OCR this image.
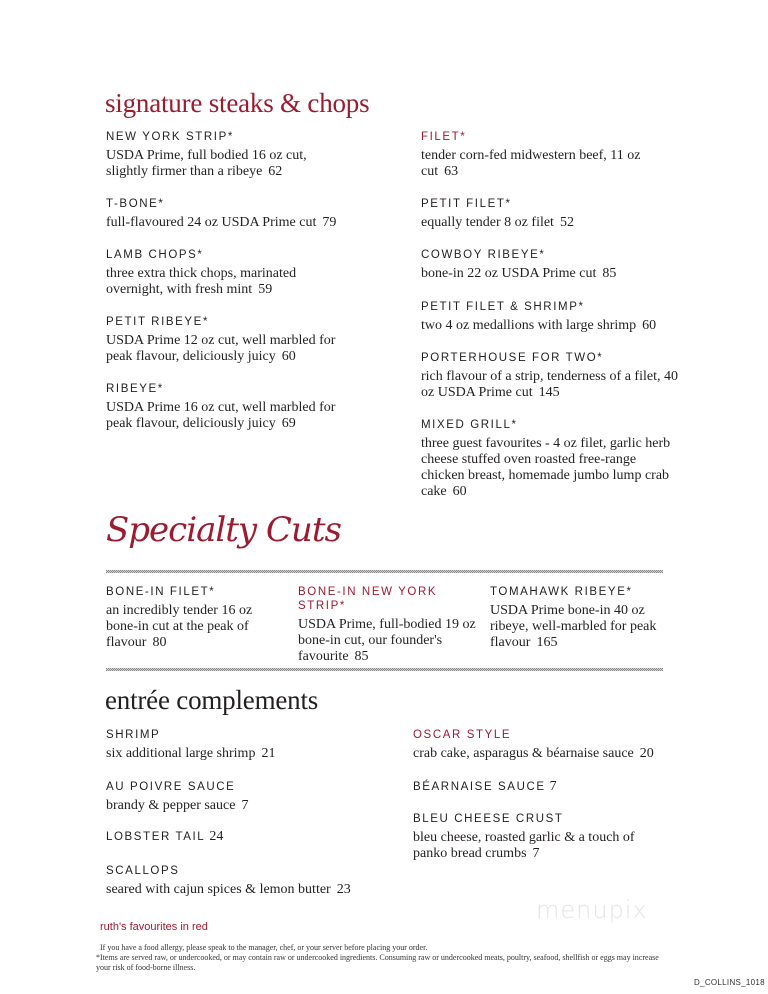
signature steaks & chops
NEW YORK STRIP*
USDA Prime, full bodied 16 oz cut, slightly firmer than a ribeye 62
T-BONE*
full-flavoured 24 oz USDA Prime cut 79
LAMB CHOPS*
three extra thick chops, marinated overnight, with fresh mint 59
PETIT RIBEYE*
USDA Prime 12 oz cut, well marbled for peak flavour, deliciously juicy 60
RIBEYE*
USDA Prime 16 oz cut, well marbled for peak flavour, deliciously juicy 69
FILET*
tender corn-fed midwestern beef, 11 oz cut 63
PETIT FILET*
equally tender 8 oz filet 52
COWBOY RIBEYE*
bone-in 22 oz USDA Prime cut 85
PETIT FILET & SHRIMP*
two 4 oz medallions with large shrimp 60
PORTERHOUSE FOR TWO*
rich flavour of a strip, tenderness of a filet, 40 oz USDA Prime cut 145
MIXED GRILL*
three guest favourites - 4 oz filet, garlic herb cheese stuffed oven roasted free-range chicken breast, homemade jumbo lump crab cake 60
Specialty Cuts
BONE-IN FILET*
an incredibly tender 16 oz bone-in cut at the peak of flavour 80
BONE-IN NEW YORK STRIP*
USDA Prime, full-bodied 19 oz bone-in cut, our founder's favourite 85
TOMAHAWK RIBEYE*
USDA Prime bone-in 40 oz ribeye, well-marbled for peak flavour 165
entrée complements
SHRIMP
six additional large shrimp 21
AU POIVRE SAUCE
brandy & pepper sauce 7
LOBSTER TAIL 24
SCALLOPS
seared with cajun spices & lemon butter 23
OSCAR STYLE
crab cake, asparagus & béarnaise sauce 20
BÉARNAISE SAUCE 7
BLEU CHEESE CRUST
bleu cheese, roasted garlic & a touch of panko bread crumbs 7
menupix
ruth's favourites in red
If you have a food allergy, please speak to the manager, chef, or your server before placing your order.
*Items are served raw, or undercooked, or may contain raw or undercooked ingredients. Consuming raw or undercooked meats, poultry, seafood, shellfish or eggs may increase your risk of food-borne illness.
D_COLLINS_1018
